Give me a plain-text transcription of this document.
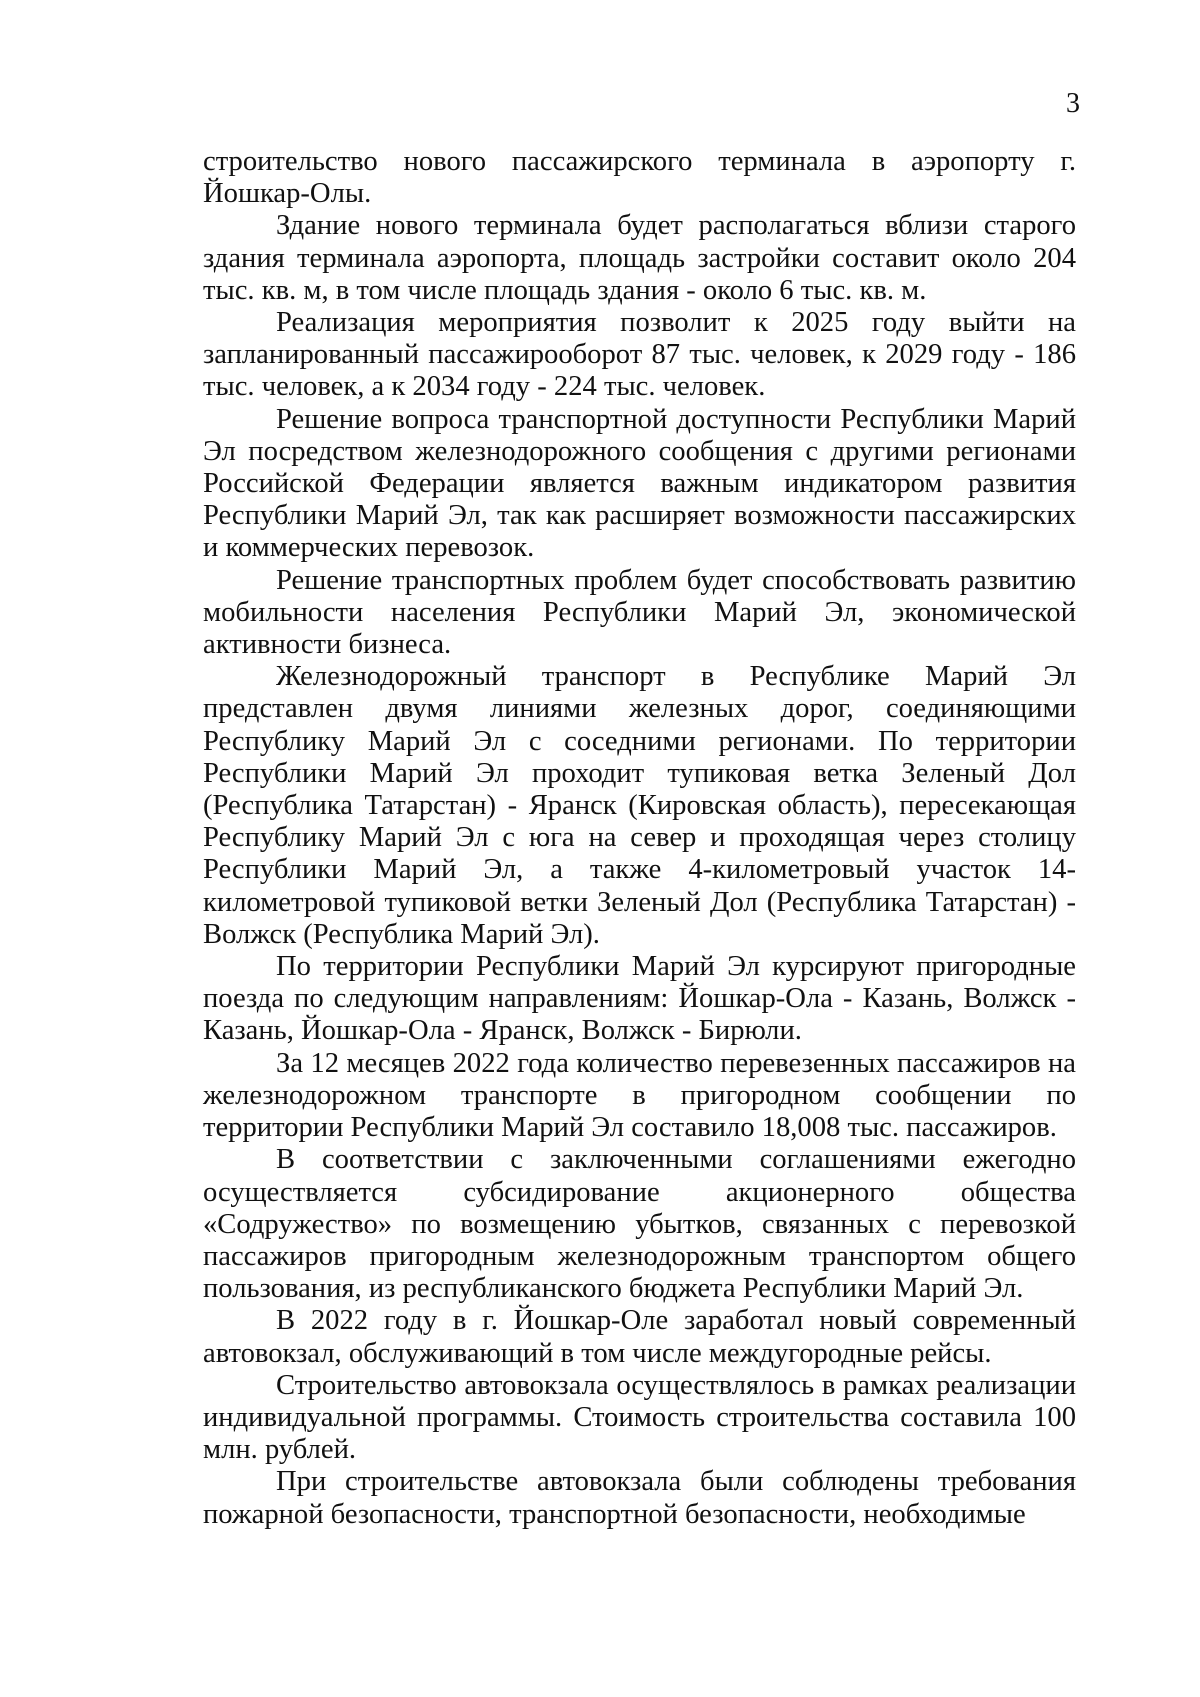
3

строительство нового пассажирского терминала в аэропорту г. Йошкар-Олы.

Здание нового терминала будет располагаться вблизи старого здания терминала аэропорта, площадь застройки составит около 204 тыс. кв. м, в том числе площадь здания - около 6 тыс. кв. м.

Реализация мероприятия позволит к 2025 году выйти на запланированный пассажирооборот 87 тыс. человек, к 2029 году - 186 тыс. человек, а к 2034 году - 224 тыс. человек.

Решение вопроса транспортной доступности Республики Марий Эл посредством железнодорожного сообщения с другими регионами Российской Федерации является важным индикатором развития Республики Марий Эл, так как расширяет возможности пассажирских и коммерческих перевозок.

Решение транспортных проблем будет способствовать развитию мобильности населения Республики Марий Эл, экономической активности бизнеса.

Железнодорожный транспорт в Республике Марий Эл представлен двумя линиями железных дорог, соединяющими Республику Марий Эл с соседними регионами. По территории Республики Марий Эл проходит тупиковая ветка Зеленый Дол (Республика Татарстан) - Яранск (Кировская область), пересекающая Республику Марий Эл с юга на север и проходящая через столицу Республики Марий Эл, а также 4-километровый участок 14-километровой тупиковой ветки Зеленый Дол (Республика Татарстан) - Волжск (Республика Марий Эл).

По территории Республики Марий Эл курсируют пригородные поезда по следующим направлениям: Йошкар-Ола - Казань, Волжск - Казань, Йошкар-Ола - Яранск, Волжск - Бирюли.

За 12 месяцев 2022 года количество перевезенных пассажиров на железнодорожном транспорте в пригородном сообщении по территории Республики Марий Эл составило 18,008 тыс. пассажиров.

В соответствии с заключенными соглашениями ежегодно осуществляется субсидирование акционерного общества «Содружество» по возмещению убытков, связанных с перевозкой пассажиров пригородным железнодорожным транспортом общего пользования, из республиканского бюджета Республики Марий Эл.

В 2022 году в г. Йошкар-Оле заработал новый современный автовокзал, обслуживающий в том числе междугородные рейсы.

Строительство автовокзала осуществлялось в рамках реализации индивидуальной программы. Стоимость строительства составила 100 млн. рублей.

При строительстве автовокзала были соблюдены требования пожарной безопасности, транспортной безопасности, необходимые
